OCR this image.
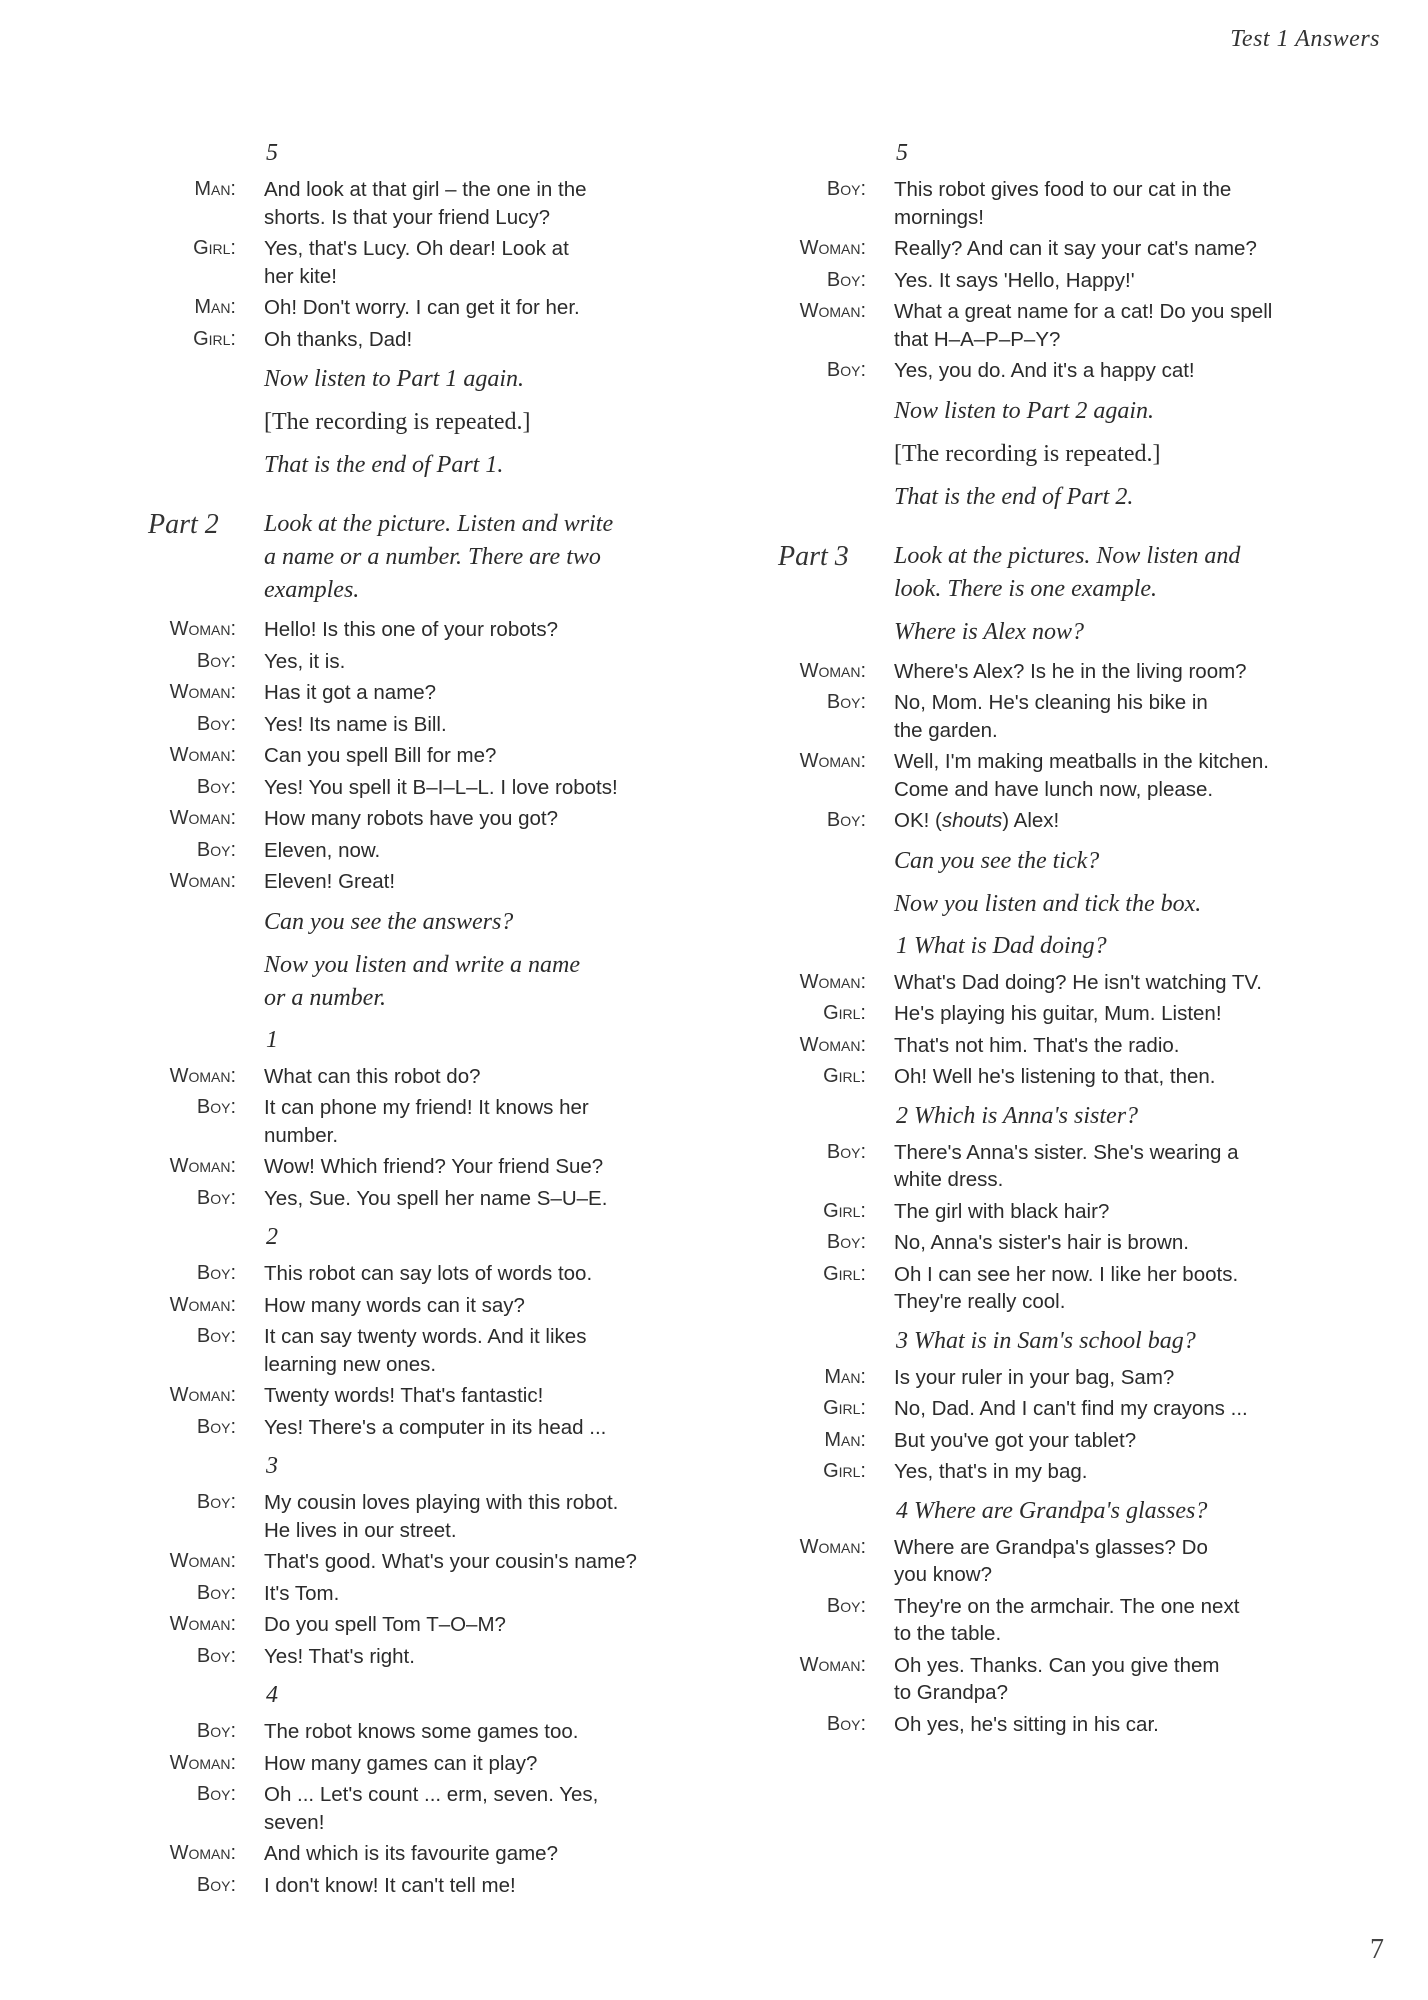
Test 1 Answers
5
Man: And look at that girl – the one in the
shorts. Is that your friend Lucy?
Girl: Yes, that's Lucy. Oh dear! Look at
her kite!
Man: Oh! Don't worry. I can get it for her.
Girl: Oh thanks, Dad!
Now listen to Part 1 again.
[The recording is repeated.]
That is the end of Part 1.
Part 2	Look at the picture. Listen and write
a name or a number. There are two
examples.
Woman: Hello! Is this one of your robots?
Boy: Yes, it is.
Woman: Has it got a name?
Boy: Yes! Its name is Bill.
Woman: Can you spell Bill for me?
Boy: Yes! You spell it B–I–L–L. I love robots!
Woman: How many robots have you got?
Boy: Eleven, now.
Woman: Eleven! Great!
Can you see the answers?
Now you listen and write a name
or a number.
1
Woman: What can this robot do?
Boy: It can phone my friend! It knows her
number.
Woman: Wow! Which friend? Your friend Sue?
Boy: Yes, Sue. You spell her name S–U–E.
2
Boy: This robot can say lots of words too.
Woman: How many words can it say?
Boy: It can say twenty words. And it likes
learning new ones.
Woman: Twenty words! That's fantastic!
Boy: Yes! There's a computer in its head ...
3
Boy: My cousin loves playing with this robot.
He lives in our street.
Woman: That's good. What's your cousin's name?
Boy: It's Tom.
Woman: Do you spell Tom T–O–M?
Boy: Yes! That's right.
4
Boy: The robot knows some games too.
Woman: How many games can it play?
Boy: Oh ... Let's count ... erm, seven. Yes,
seven!
Woman: And which is its favourite game?
Boy: I don't know! It can't tell me!
5
Boy: This robot gives food to our cat in the
mornings!
Woman: Really? And can it say your cat's name?
Boy: Yes. It says 'Hello, Happy!'
Woman: What a great name for a cat! Do you spell
that H–A–P–P–Y?
Boy: Yes, you do. And it's a happy cat!
Now listen to Part 2 again.
[The recording is repeated.]
That is the end of Part 2.
Part 3	Look at the pictures. Now listen and
look. There is one example.
Where is Alex now?
Woman: Where's Alex? Is he in the living room?
Boy: No, Mom. He's cleaning his bike in
the garden.
Woman: Well, I'm making meatballs in the kitchen.
Come and have lunch now, please.
Boy: OK! (shouts) Alex!
Can you see the tick?
Now you listen and tick the box.
1 What is Dad doing?
Woman: What's Dad doing? He isn't watching TV.
Girl: He's playing his guitar, Mum. Listen!
Woman: That's not him. That's the radio.
Girl: Oh! Well he's listening to that, then.
2 Which is Anna's sister?
Boy: There's Anna's sister. She's wearing a
white dress.
Girl: The girl with black hair?
Boy: No, Anna's sister's hair is brown.
Girl: Oh I can see her now. I like her boots.
They're really cool.
3 What is in Sam's school bag?
Man: Is your ruler in your bag, Sam?
Girl: No, Dad. And I can't find my crayons ...
Man: But you've got your tablet?
Girl: Yes, that's in my bag.
4 Where are Grandpa's glasses?
Woman: Where are Grandpa's glasses? Do
you know?
Boy: They're on the armchair. The one next
to the table.
Woman: Oh yes. Thanks. Can you give them
to Grandpa?
Boy: Oh yes, he's sitting in his car.
7
